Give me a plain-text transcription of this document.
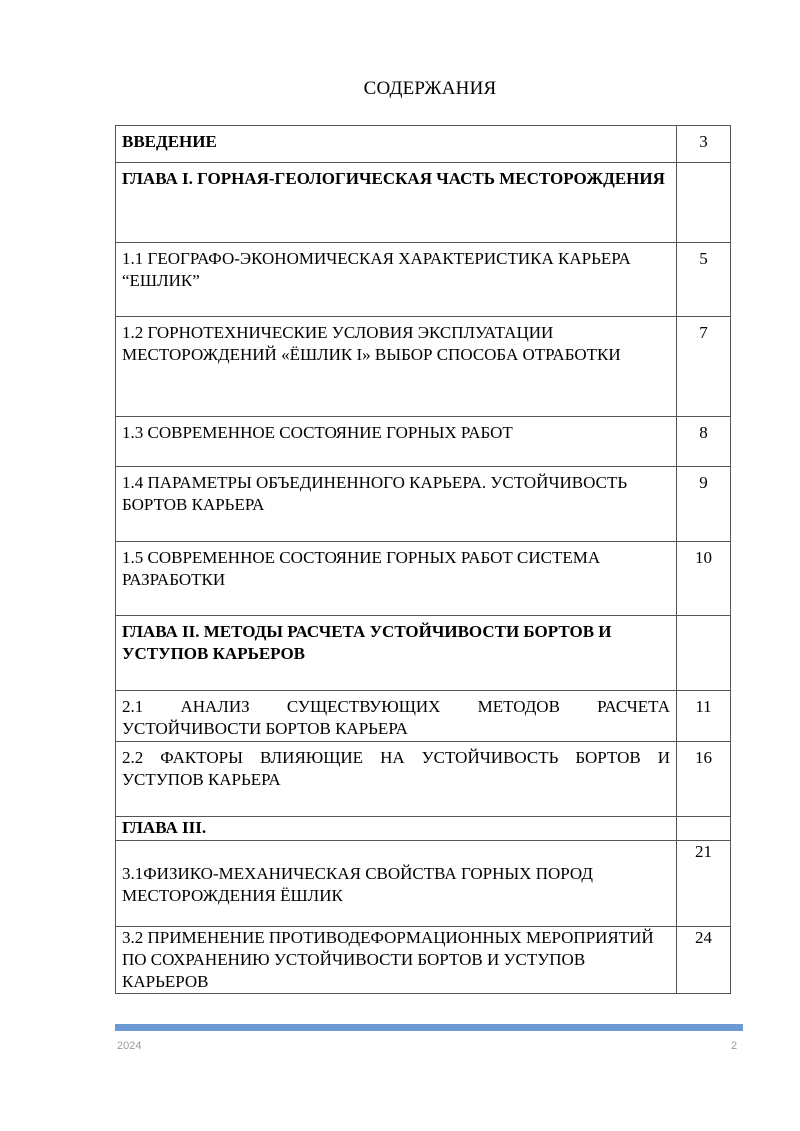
СОДЕРЖАНИЯ
ВВЕДЕНИЕ	3
ГЛАВА I. ГОРНАЯ-ГЕОЛОГИЧЕСКАЯ ЧАСТЬ МЕСТОРОЖДЕНИЯ	
1.1 ГЕОГРАФО-ЭКОНОМИЧЕСКАЯ ХАРАКТЕРИСТИКА КАРЬЕРА “ЕШЛИК”	5
1.2 ГОРНОТЕХНИЧЕСКИЕ УСЛОВИЯ ЭКСПЛУАТАЦИИ МЕСТОРОЖДЕНИЙ «ЁШЛИК I» ВЫБОР СПОСОБА ОТРАБОТКИ	7
1.3 СОВРЕМЕННОЕ СОСТОЯНИЕ ГОРНЫХ РАБОТ	8
1.4 ПАРАМЕТРЫ ОБЪЕДИНЕННОГО КАРЬЕРА. УСТОЙЧИВОСТЬ БОРТОВ КАРЬЕРА	9
1.5 СОВРЕМЕННОЕ СОСТОЯНИЕ ГОРНЫХ РАБОТ СИСТЕМА РАЗРАБОТКИ	10
ГЛАВА II. МЕТОДЫ РАСЧЕТА УСТОЙЧИВОСТИ БОРТОВ И УСТУПОВ КАРЬЕРОВ	
2.1 АНАЛИЗ СУЩЕСТВУЮЩИХ МЕТОДОВ РАСЧЕТА УСТОЙЧИВОСТИ БОРТОВ КАРЬЕРА	11
2.2 ФАКТОРЫ ВЛИЯЮЩИЕ НА УСТОЙЧИВОСТЬ БОРТОВ И УСТУПОВ КАРЬЕРА	16
ГЛАВА III.	
3.1ФИЗИКО-МЕХАНИЧЕСКАЯ СВОЙСТВА ГОРНЫХ ПОРОД МЕСТОРОЖДЕНИЯ ЁШЛИК	21
3.2 ПРИМЕНЕНИЕ ПРОТИВОДЕФОРМАЦИОННЫХ МЕРОПРИЯТИЙ ПО СОХРАНЕНИЮ УСТОЙЧИВОСТИ БОРТОВ И УСТУПОВ КАРЬЕРОВ	24
2024	2
